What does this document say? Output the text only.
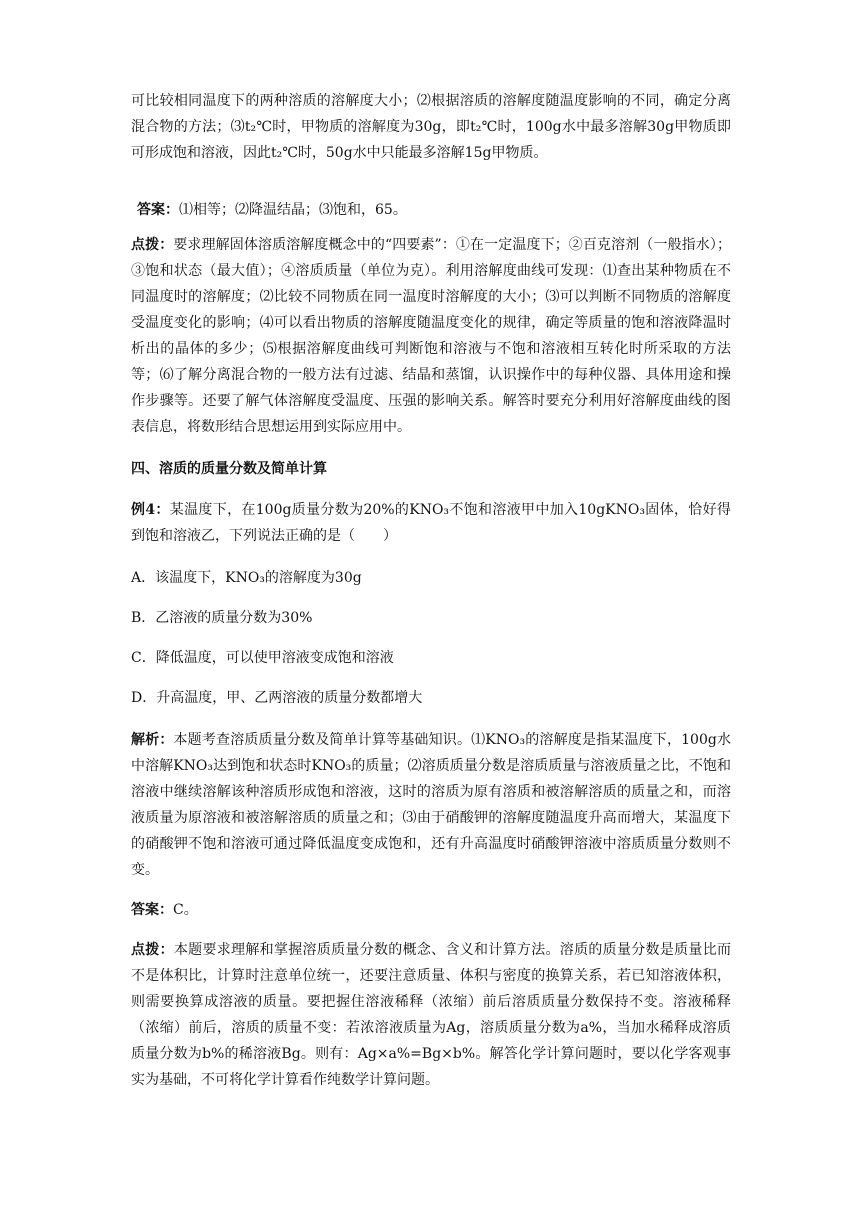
可比较相同温度下的两种溶质的溶解度大小；⑵根据溶质的溶解度随温度影响的不同，确定分离混合物的方法；⑶t₂℃时，甲物质的溶解度为30g，即t₂℃时，100g水中最多溶解30g甲物质即可形成饱和溶液，因此t₂℃时，50g水中只能最多溶解15g甲物质。

答案：⑴相等；⑵降温结晶；⑶饱和，65。

点拨：要求理解固体溶质溶解度概念中的“四要素”：①在一定温度下；②百克溶剂（一般指水）；③饱和状态（最大值）；④溶质质量（单位为克）。利用溶解度曲线可发现：⑴查出某种物质在不同温度时的溶解度；⑵比较不同物质在同一温度时溶解度的大小；⑶可以判断不同物质的溶解度受温度变化的影响；⑷可以看出物质的溶解度随温度变化的规律，确定等质量的饱和溶液降温时析出的晶体的多少；⑸根据溶解度曲线可判断饱和溶液与不饱和溶液相互转化时所采取的方法等；⑹了解分离混合物的一般方法有过滤、结晶和蒸馏，认识操作中的每种仪器、具体用途和操作步骤等。还要了解气体溶解度受温度、压强的影响关系。解答时要充分利用好溶解度曲线的图表信息，将数形结合思想运用到实际应用中。

四、溶质的质量分数及简单计算

例4：某温度下，在100g质量分数为20%的KNO₃不饱和溶液甲中加入10gKNO₃固体，恰好得到饱和溶液乙，下列说法正确的是（　　）

A．该温度下，KNO₃的溶解度为30g

B．乙溶液的质量分数为30%

C．降低温度，可以使甲溶液变成饱和溶液

D．升高温度，甲、乙两溶液的质量分数都增大

解析：本题考查溶质质量分数及简单计算等基础知识。⑴KNO₃的溶解度是指某温度下，100g水中溶解KNO₃达到饱和状态时KNO₃的质量；⑵溶质质量分数是溶质质量与溶液质量之比，不饱和溶液中继续溶解该种溶质形成饱和溶液，这时的溶质为原有溶质和被溶解溶质的质量之和，而溶液质量为原溶液和被溶解溶质的质量之和；⑶由于硝酸钾的溶解度随温度升高而增大，某温度下的硝酸钾不饱和溶液可通过降低温度变成饱和，还有升高温度时硝酸钾溶液中溶质质量分数则不变。

答案：C。

点拨：本题要求理解和掌握溶质质量分数的概念、含义和计算方法。溶质的质量分数是质量比而不是体积比，计算时注意单位统一，还要注意质量、体积与密度的换算关系，若已知溶液体积，则需要换算成溶液的质量。要把握住溶液稀释（浓缩）前后溶质质量分数保持不变。溶液稀释（浓缩）前后，溶质的质量不变：若浓溶液质量为Ag，溶质质量分数为a%，当加水稀释成溶质质量分数为b%的稀溶液Bg。则有：Ag×a%=Bg×b%。解答化学计算问题时，要以化学客观事实为基础，不可将化学计算看作纯数学计算问题。
